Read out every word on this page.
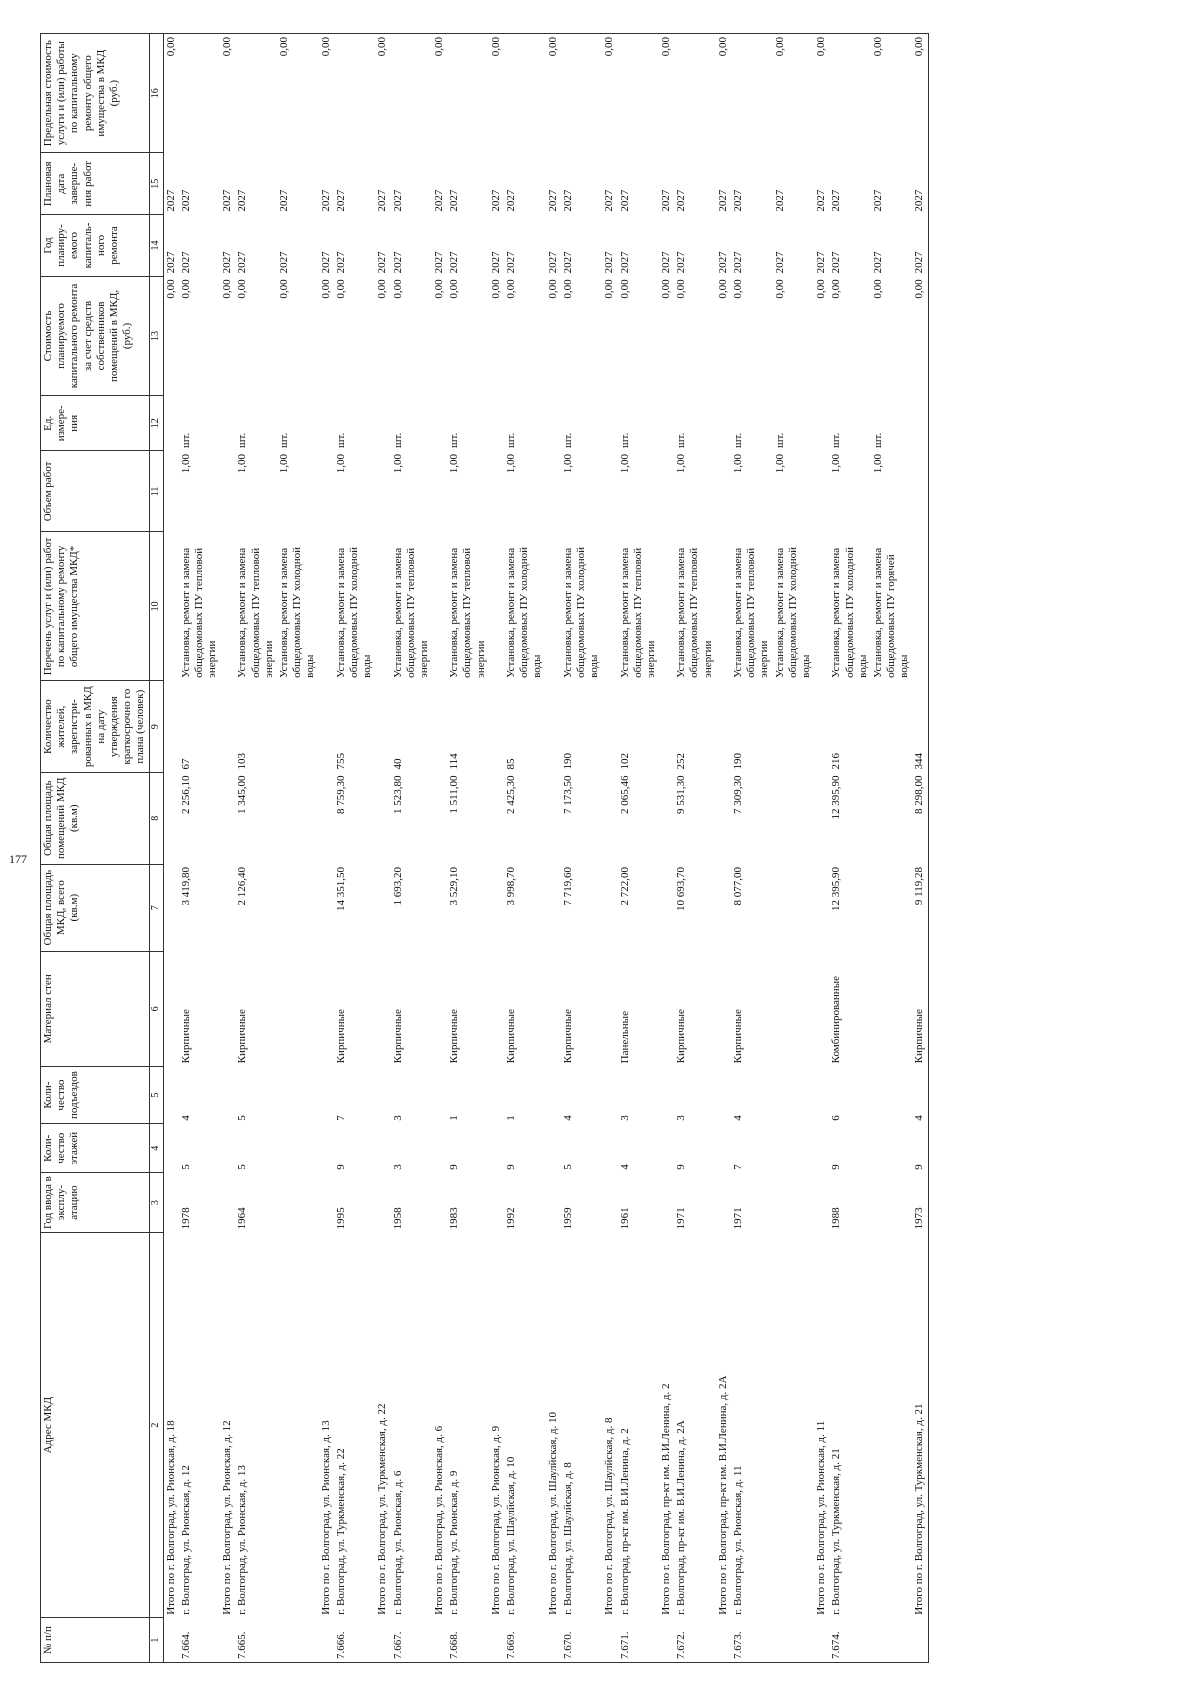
177
№ п/п	Адрес МКД	Год ввода в эксплу-атацию	Коли-чество этажей	Коли-чество подъездов	Материал стен	Общая площадь МКД, всего (кв.м)	Общая площадь помещений МКД (кв.м)	Количество жителей, зарегистри-рованных в МКД на дату утверждения краткосрочно го плана (человек)	Перечень услуг и (или) работ по капитальному ремонту общего имущества МКД*	Объем работ	Ед. измере-ния	Стоимость планируемого капитального ремонта за счет средств собственников помещений в МКД, (руб.)	Год планиру-емого капиталь-ного ремонта	Плановая дата заверше-ния работ	Предельная стоимость услуги и (или) работы по капитальному ремонту общего имущества в МКД (руб.)
1	2	3	4	5	6	7	8	9	10	11	12	13	14	15	16
	Итого по г. Волгоград, ул. Рионская, д. 18											0,00	2027	2027	0,00
7.664.	г. Волгоград, ул. Рионская, д. 12	1978	5	4	Кирпичные	3 419,80	2 256,10	67	Установка, ремонт и замена общедомовых ПУ тепловой энергии	1,00	шт.	0,00	2027	2027	
	Итого по г. Волгоград, ул. Рионская, д. 12											0,00	2027	2027	0,00
7.665.	г. Волгоград, ул. Рионская, д. 13	1964	5	5	Кирпичные	2 126,40	1 345,00	103	Установка, ремонт и замена общедомовых ПУ тепловой энергии	1,00	шт.	0,00	2027	2027	
									Установка, ремонт и замена общедомовых ПУ холодной воды	1,00	шт.	0,00	2027	2027	0,00
	Итого по г. Волгоград, ул. Рионская, д. 13											0,00	2027	2027	0,00
7.666.	г. Волгоград, ул. Туркменская, д. 22	1995	9	7	Кирпичные	14 351,50	8 759,30	755	Установка, ремонт и замена общедомовых ПУ холодной воды	1,00	шт.	0,00	2027	2027	
	Итого по г. Волгоград, ул. Туркменская, д. 22											0,00	2027	2027	0,00
7.667.	г. Волгоград, ул. Рионская, д. 6	1958	3	3	Кирпичные	1 693,20	1 523,80	40	Установка, ремонт и замена общедомовых ПУ тепловой энергии	1,00	шт.	0,00	2027	2027	
	Итого по г. Волгоград, ул. Рионская, д. 6											0,00	2027	2027	0,00
7.668.	г. Волгоград, ул. Рионская, д. 9	1983	9	1	Кирпичные	3 529,10	1 511,00	114	Установка, ремонт и замена общедомовых ПУ тепловой энергии	1,00	шт.	0,00	2027	2027	
	Итого по г. Волгоград, ул. Рионская, д. 9											0,00	2027	2027	0,00
7.669.	г. Волгоград, ул. Шаулйская, д. 10	1992	9	1	Кирпичные	3 998,70	2 425,30	85	Установка, ремонт и замена общедомовых ПУ холодной воды	1,00	шт.	0,00	2027	2027	
	Итого по г. Волгоград, ул. Шаулйская, д. 10											0,00	2027	2027	0,00
7.670.	г. Волгоград, ул. Шаулйская, д. 8	1959	5	4	Кирпичные	7 719,60	7 173,50	190	Установка, ремонт и замена общедомовых ПУ холодной воды	1,00	шт.	0,00	2027	2027	
	Итого по г. Волгоград, ул. Шаулйская, д. 8											0,00	2027	2027	0,00
7.671.	г. Волгоград, пр-кт им. В.И.Ленина, д. 2	1961	4	3	Панельные	2 722,00	2 065,46	102	Установка, ремонт и замена общедомовых ПУ тепловой энергии	1,00	шт.	0,00	2027	2027	
	Итого по г. Волгоград, пр-кт им. В.И.Ленина, д. 2											0,00	2027	2027	0,00
7.672.	г. Волгоград, пр-кт им. В.И.Ленина, д. 2А	1971	9	3	Кирпичные	10 693,70	9 531,30	252	Установка, ремонт и замена общедомовых ПУ тепловой энергии	1,00	шт.	0,00	2027	2027	
	Итого по г. Волгоград, пр-кт им. В.И.Ленина, д. 2А											0,00	2027	2027	0,00
7.673.	г. Волгоград, ул. Рионская, д. 11	1971	7	4	Кирпичные	8 077,00	7 309,30	190	Установка, ремонт и замена общедомовых ПУ тепловой энергии	1,00	шт.	0,00	2027	2027	
									Установка, ремонт и замена общедомовых ПУ холодной воды	1,00	шт.	0,00	2027	2027	0,00
	Итого по г. Волгоград, ул. Рионская, д. 11											0,00	2027	2027	0,00
7.674.	г. Волгоград, ул. Туркменская, д. 21	1988	9	6	Комбинированные	12 395,90	12 395,90	216	Установка, ремонт и замена общедомовых ПУ холодной воды	1,00	шт.	0,00	2027	2027	
									Установка, ремонт и замена общедомовых ПУ горячей воды	1,00	шт.	0,00	2027	2027	0,00
	Итого по г. Волгоград, ул. Туркменская, д. 21	1973	9	4	Кирпичные	9 119,28	8 298,00	344				0,00	2027	2027	0,00
